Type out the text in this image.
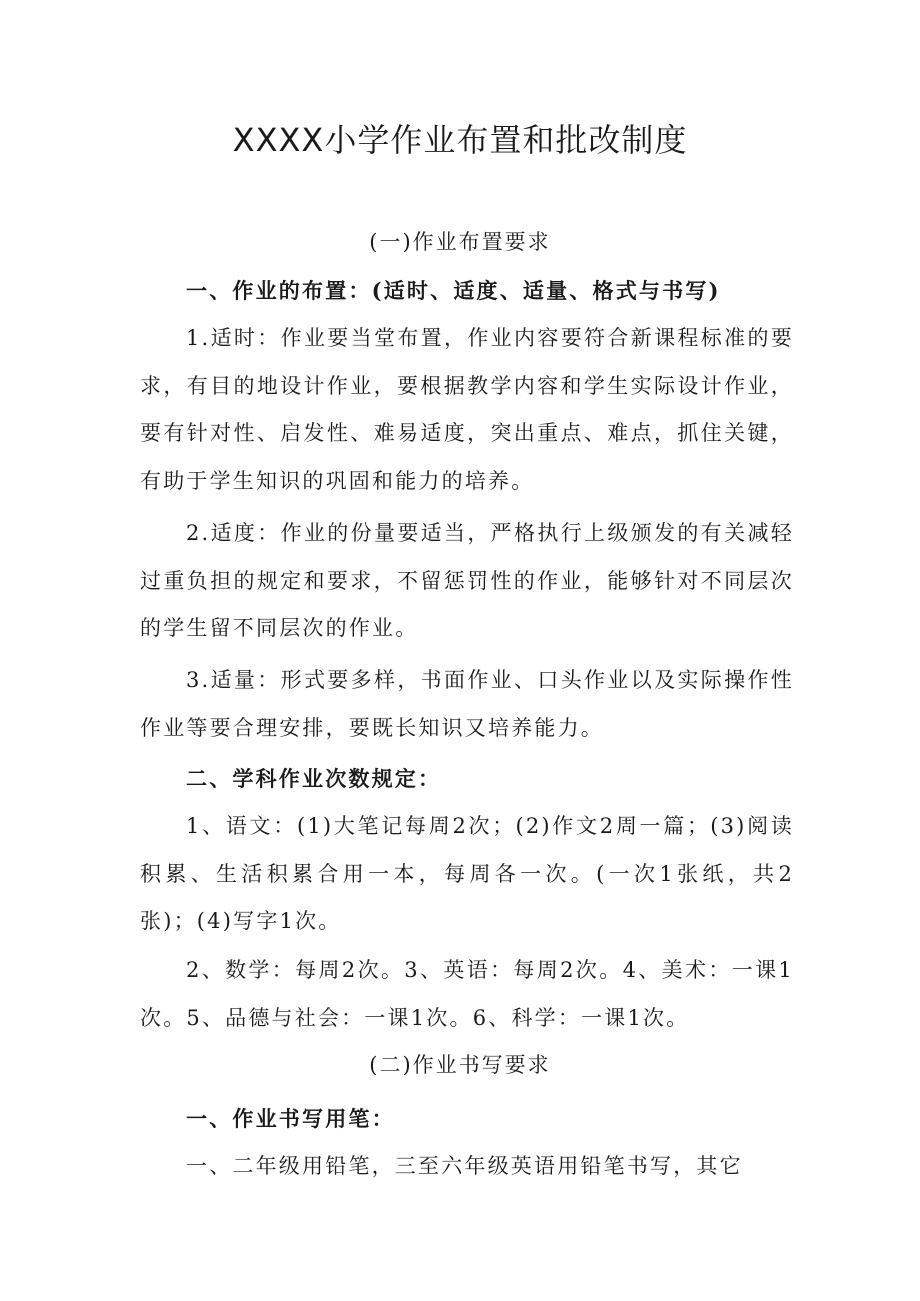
XXXX小学作业布置和批改制度
(一)作业布置要求
一、作业的布置：(适时、适度、适量、格式与书写)
1.适时：作业要当堂布置，作业内容要符合新课程标准的要求，有目的地设计作业，要根据教学内容和学生实际设计作业，要有针对性、启发性、难易适度，突出重点、难点，抓住关键，有助于学生知识的巩固和能力的培养。
2.适度：作业的份量要适当，严格执行上级颁发的有关减轻过重负担的规定和要求，不留惩罚性的作业，能够针对不同层次的学生留不同层次的作业。
3.适量：形式要多样，书面作业、口头作业以及实际操作性作业等要合理安排，要既长知识又培养能力。
二、学科作业次数规定：
1、语文：(1)大笔记每周2次；(2)作文2周一篇；(3)阅读积累、生活积累合用一本，每周各一次。(一次1张纸，共2张)；(4)写字1次。
2、数学：每周2次。3、英语：每周2次。4、美术：一课1次。5、品德与社会：一课1次。6、科学：一课1次。
(二)作业书写要求
一、作业书写用笔：
一、二年级用铅笔，三至六年级英语用铅笔书写，其它
